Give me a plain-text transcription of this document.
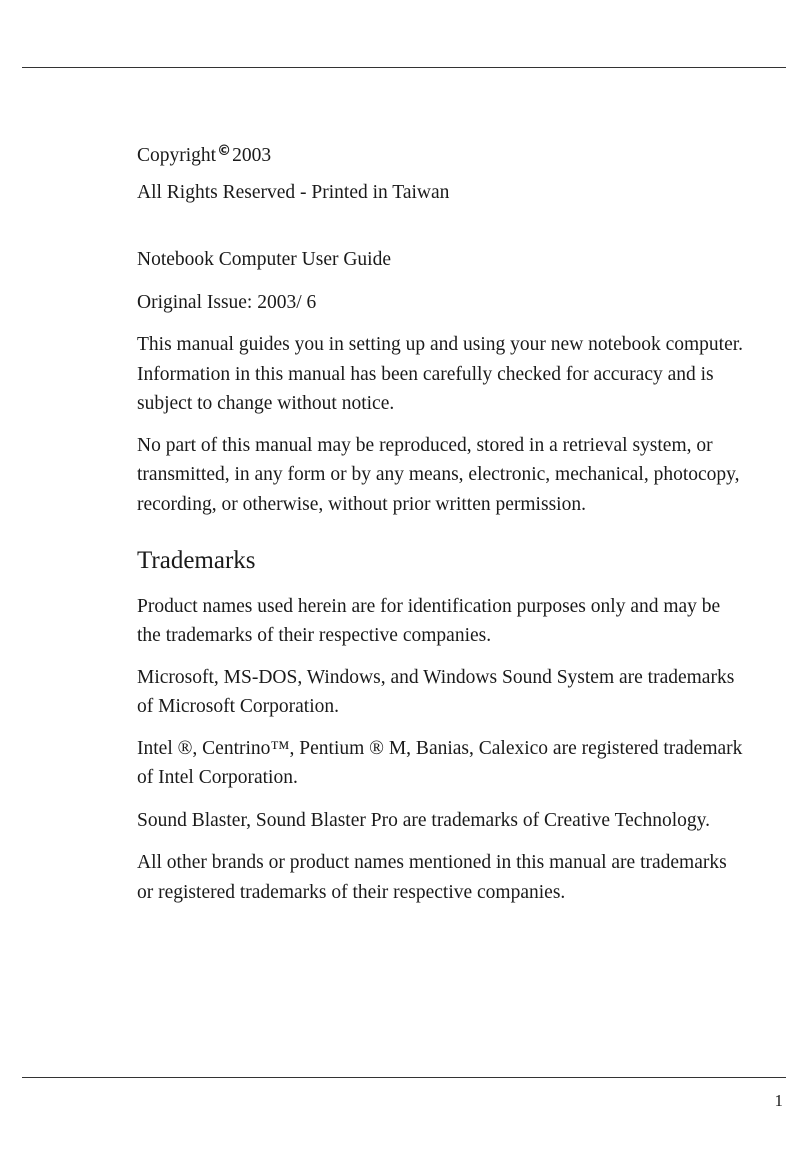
Copyright©2003
All Rights Reserved - Printed in Taiwan
Notebook Computer User Guide
Original Issue: 2003/ 6
This manual guides you in setting up and using your new notebook computer.
Information in this manual has been carefully checked for accuracy and is
subject to change without notice.
No part of this manual may be reproduced, stored in a retrieval system, or
transmitted, in any form or by any means, electronic, mechanical, photocopy,
recording, or otherwise, without prior written permission.
Trademarks
Product names used herein are for identification purposes only and may be
the trademarks of their respective companies.
Microsoft, MS-DOS, Windows, and Windows Sound System are trademarks
of Microsoft Corporation.
Intel ®, Centrino™, Pentium ® M, Banias, Calexico are registered trademark
of Intel Corporation.
Sound Blaster, Sound Blaster Pro are trademarks of Creative Technology.
All other brands or product names mentioned in this manual are trademarks
or registered trademarks of their respective companies.
1
